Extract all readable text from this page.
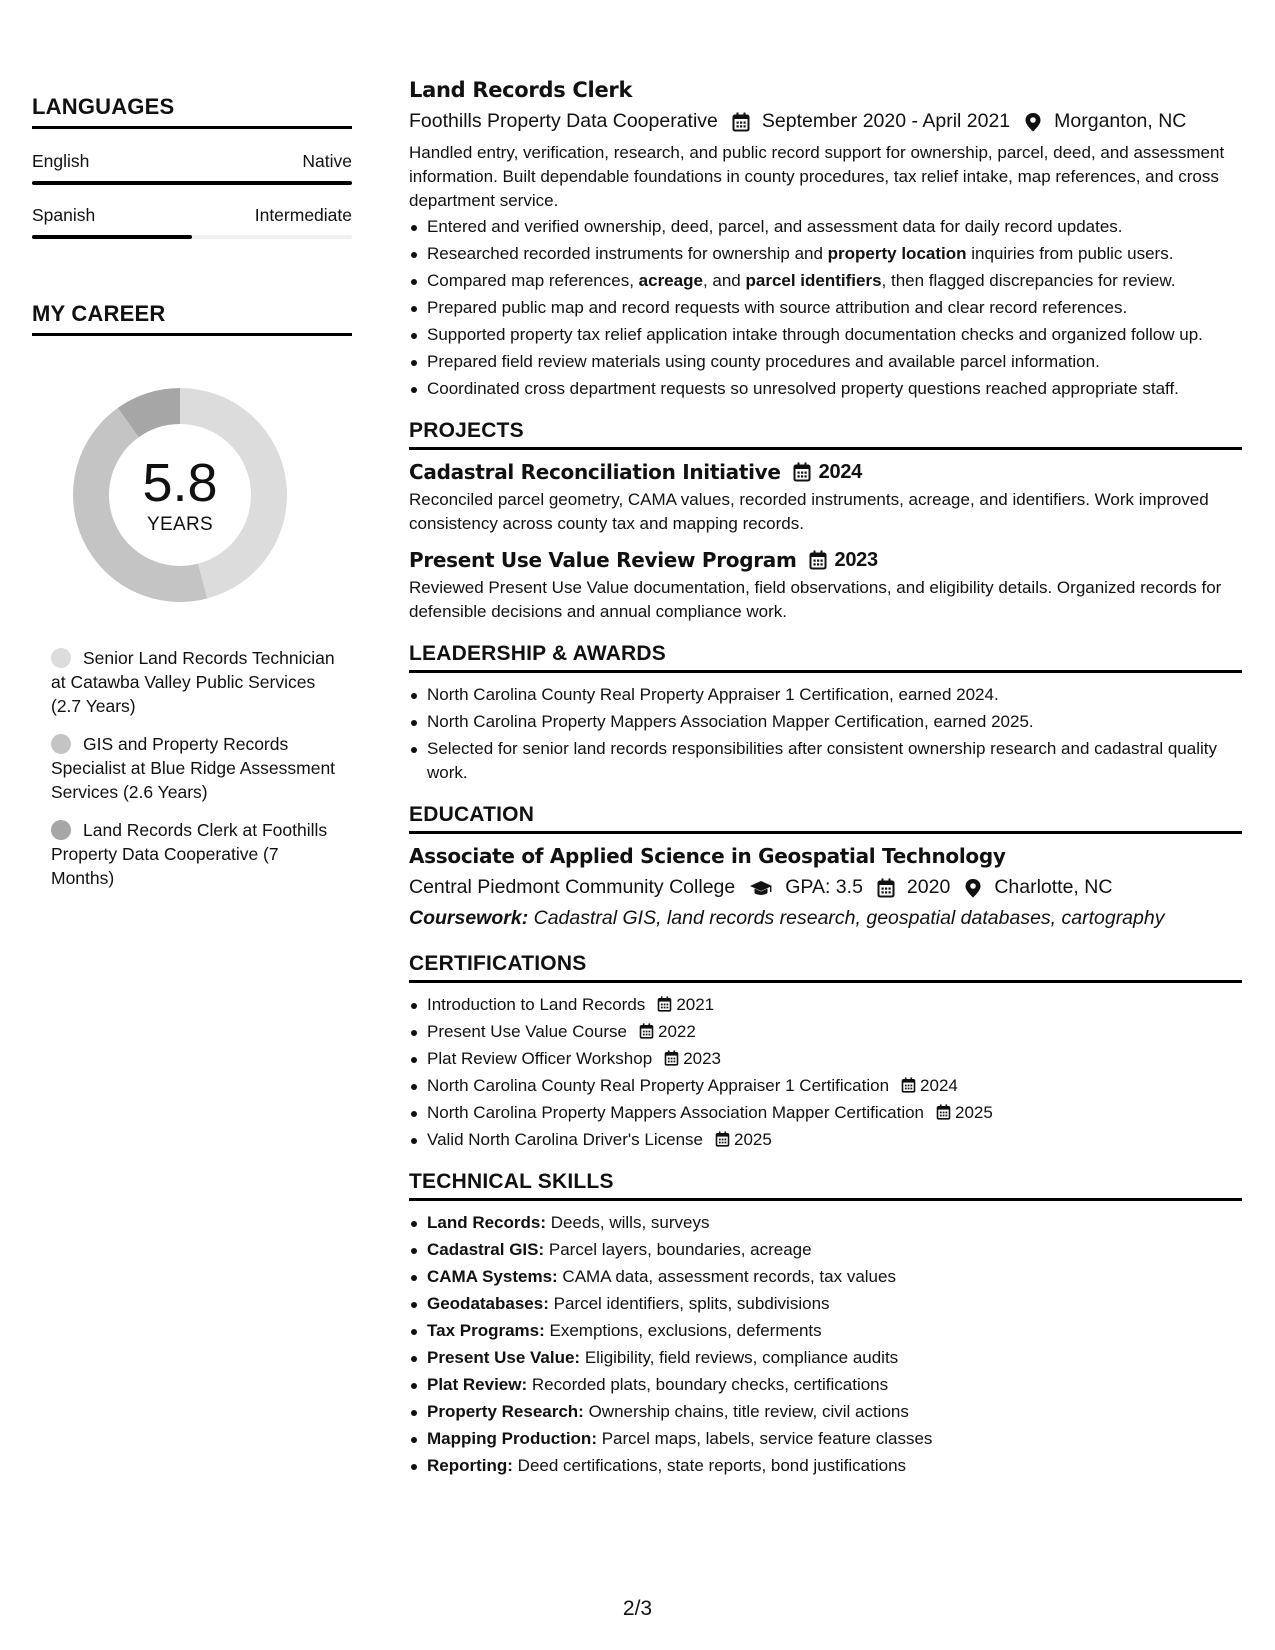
LANGUAGES
English	Native
Spanish	Intermediate
MY CAREER
5.8
YEARS
Senior Land Records Technician at Catawba Valley Public Services (2.7 Years)
GIS and Property Records Specialist at Blue Ridge Assessment Services (2.6 Years)
Land Records Clerk at Foothills Property Data Cooperative (7 Months)
Land Records Clerk
Foothills Property Data Cooperative September 2020 - April 2021 Morganton, NC
Handled entry, verification, research, and public record support for ownership, parcel, deed, and assessment information. Built dependable foundations in county procedures, tax relief intake, map references, and cross department service.
Entered and verified ownership, deed, parcel, and assessment data for daily record updates.
Researched recorded instruments for ownership and property location inquiries from public users.
Compared map references, acreage, and parcel identifiers, then flagged discrepancies for review.
Prepared public map and record requests with source attribution and clear record references.
Supported property tax relief application intake through documentation checks and organized follow up.
Prepared field review materials using county procedures and available parcel information.
Coordinated cross department requests so unresolved property questions reached appropriate staff.
PROJECTS
Cadastral Reconciliation Initiative 2024
Reconciled parcel geometry, CAMA values, recorded instruments, acreage, and identifiers. Work improved consistency across county tax and mapping records.
Present Use Value Review Program 2023
Reviewed Present Use Value documentation, field observations, and eligibility details. Organized records for defensible decisions and annual compliance work.
LEADERSHIP & AWARDS
North Carolina County Real Property Appraiser 1 Certification, earned 2024.
North Carolina Property Mappers Association Mapper Certification, earned 2025.
Selected for senior land records responsibilities after consistent ownership research and cadastral quality work.
EDUCATION
Associate of Applied Science in Geospatial Technology
Central Piedmont Community College	GPA: 3.5 2020 Charlotte, NC
Coursework: Cadastral GIS, land records research, geospatial databases, cartography
CERTIFICATIONS
Introduction to Land Records 2021
Present Use Value Course 2022
Plat Review Officer Workshop 2023
North Carolina County Real Property Appraiser 1 Certification 2024
North Carolina Property Mappers Association Mapper Certification 2025
Valid North Carolina Driver's License 2025
TECHNICAL SKILLS
Land Records: Deeds, wills, surveys
Cadastral GIS: Parcel layers, boundaries, acreage
CAMA Systems: CAMA data, assessment records, tax values
Geodatabases: Parcel identifiers, splits, subdivisions
Tax Programs: Exemptions, exclusions, deferments
Present Use Value: Eligibility, field reviews, compliance audits
Plat Review: Recorded plats, boundary checks, certifications
Property Research: Ownership chains, title review, civil actions
Mapping Production: Parcel maps, labels, service feature classes
Reporting: Deed certifications, state reports, bond justifications
2/3
